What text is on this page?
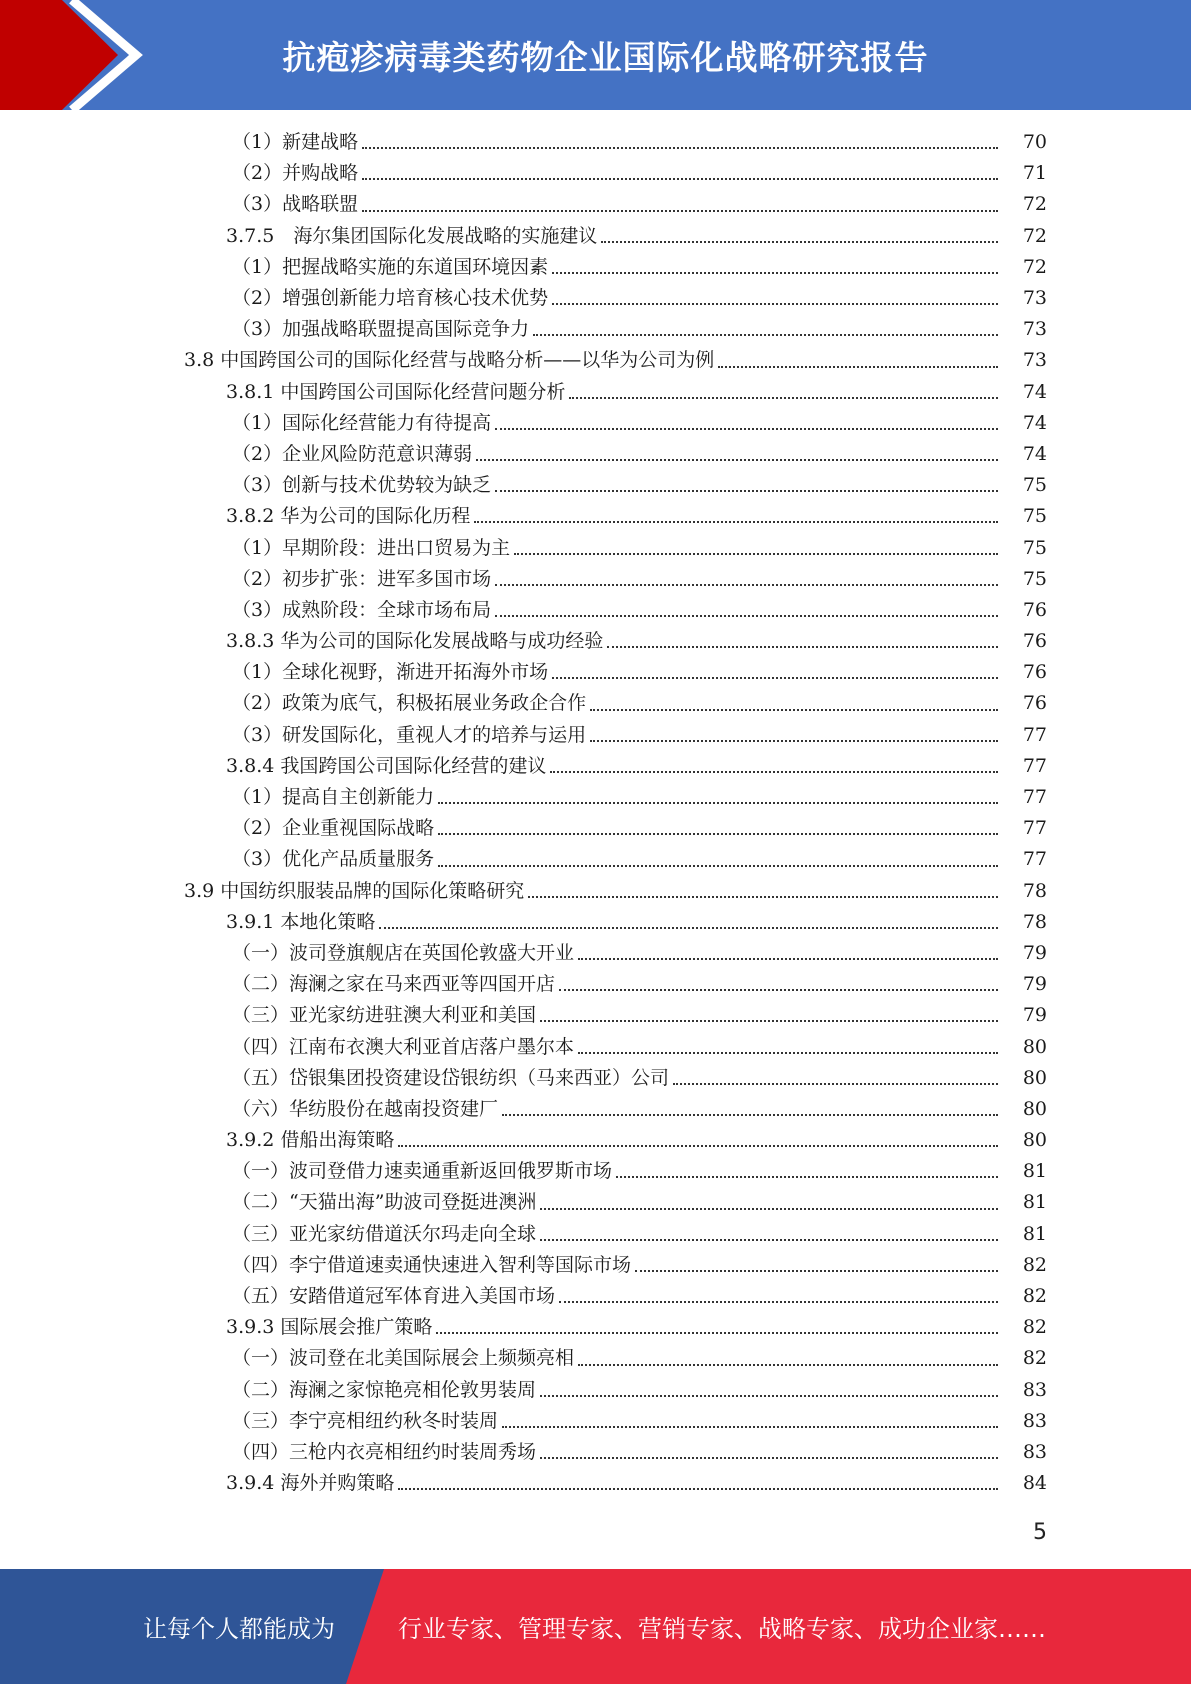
抗疱疹病毒类药物企业国际化战略研究报告
（1）新建战略	70
（2）并购战略	71
（3）战略联盟	72
3.7.5　海尔集团国际化发展战略的实施建议	72
（1）把握战略实施的东道国环境因素	72
（2）增强创新能力培育核心技术优势	73
（3）加强战略联盟提高国际竞争力	73
3.8 中国跨国公司的国际化经营与战略分析——以华为公司为例	73
3.8.1 中国跨国公司国际化经营问题分析	74
（1）国际化经营能力有待提高	74
（2）企业风险防范意识薄弱	74
（3）创新与技术优势较为缺乏	75
3.8.2 华为公司的国际化历程	75
（1）早期阶段：进出口贸易为主	75
（2）初步扩张：进军多国市场	75
（3）成熟阶段：全球市场布局	76
3.8.3 华为公司的国际化发展战略与成功经验	76
（1）全球化视野，渐进开拓海外市场	76
（2）政策为底气，积极拓展业务政企合作	76
（3）研发国际化，重视人才的培养与运用	77
3.8.4 我国跨国公司国际化经营的建议	77
（1）提高自主创新能力	77
（2）企业重视国际战略	77
（3）优化产品质量服务	77
3.9 中国纺织服装品牌的国际化策略研究	78
3.9.1 本地化策略	78
（一）波司登旗舰店在英国伦敦盛大开业	79
（二）海澜之家在马来西亚等四国开店	79
（三）亚光家纺进驻澳大利亚和美国	79
（四）江南布衣澳大利亚首店落户墨尔本	80
（五）岱银集团投资建设岱银纺织（马来西亚）公司	80
（六）华纺股份在越南投资建厂	80
3.9.2 借船出海策略	80
（一）波司登借力速卖通重新返回俄罗斯市场	81
（二）“天猫出海”助波司登挺进澳洲	81
（三）亚光家纺借道沃尔玛走向全球	81
（四）李宁借道速卖通快速进入智利等国际市场	82
（五）安踏借道冠军体育进入美国市场	82
3.9.3 国际展会推广策略	82
（一）波司登在北美国际展会上频频亮相	82
（二）海澜之家惊艳亮相伦敦男装周	83
（三）李宁亮相纽约秋冬时装周	83
（四）三枪内衣亮相纽约时装周秀场	83
3.9.4 海外并购策略	84
5
让每个人都能成为	行业专家、管理专家、营销专家、战略专家、成功企业家……
